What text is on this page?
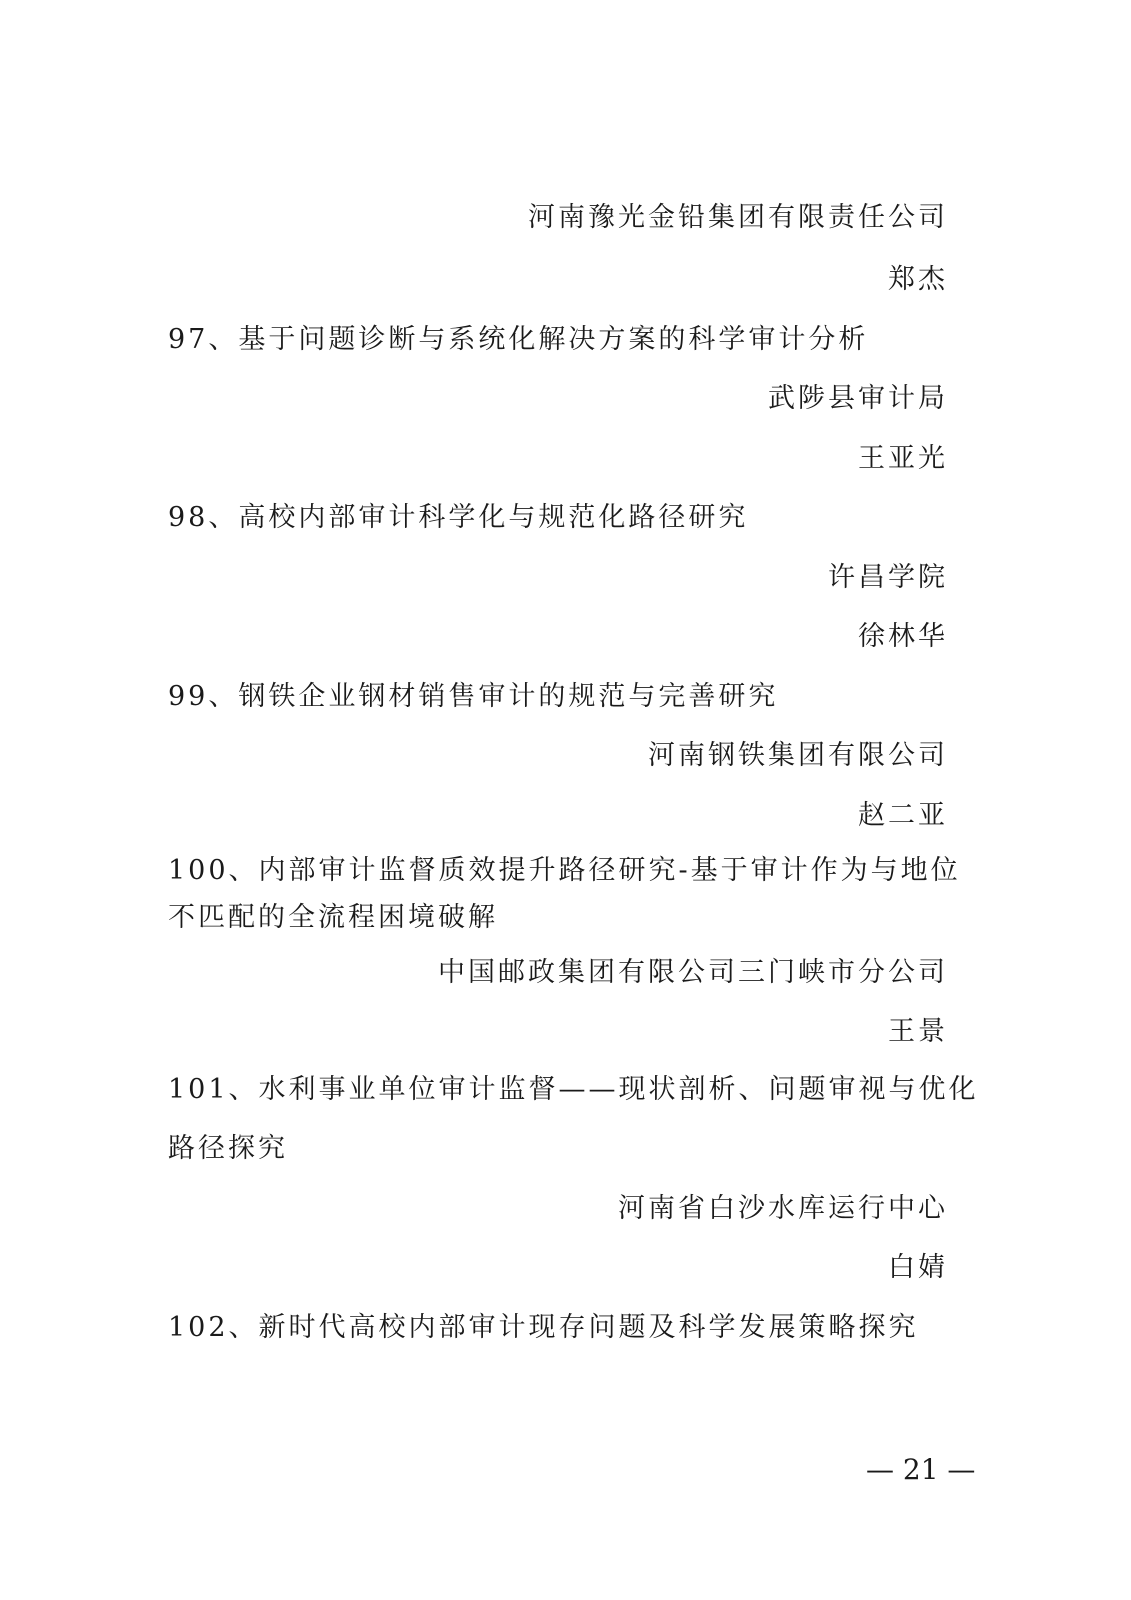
河南豫光金铅集团有限责任公司
郑杰
97、基于问题诊断与系统化解决方案的科学审计分析
武陟县审计局
王亚光
98、高校内部审计科学化与规范化路径研究
许昌学院
徐林华
99、钢铁企业钢材销售审计的规范与完善研究
河南钢铁集团有限公司
赵二亚
100、内部审计监督质效提升路径研究-基于审计作为与地位
不匹配的全流程困境破解
中国邮政集团有限公司三门峡市分公司
王景
101、水利事业单位审计监督——现状剖析、问题审视与优化
路径探究
河南省白沙水库运行中心
白婧
102、新时代高校内部审计现存问题及科学发展策略探究
— 21 —
